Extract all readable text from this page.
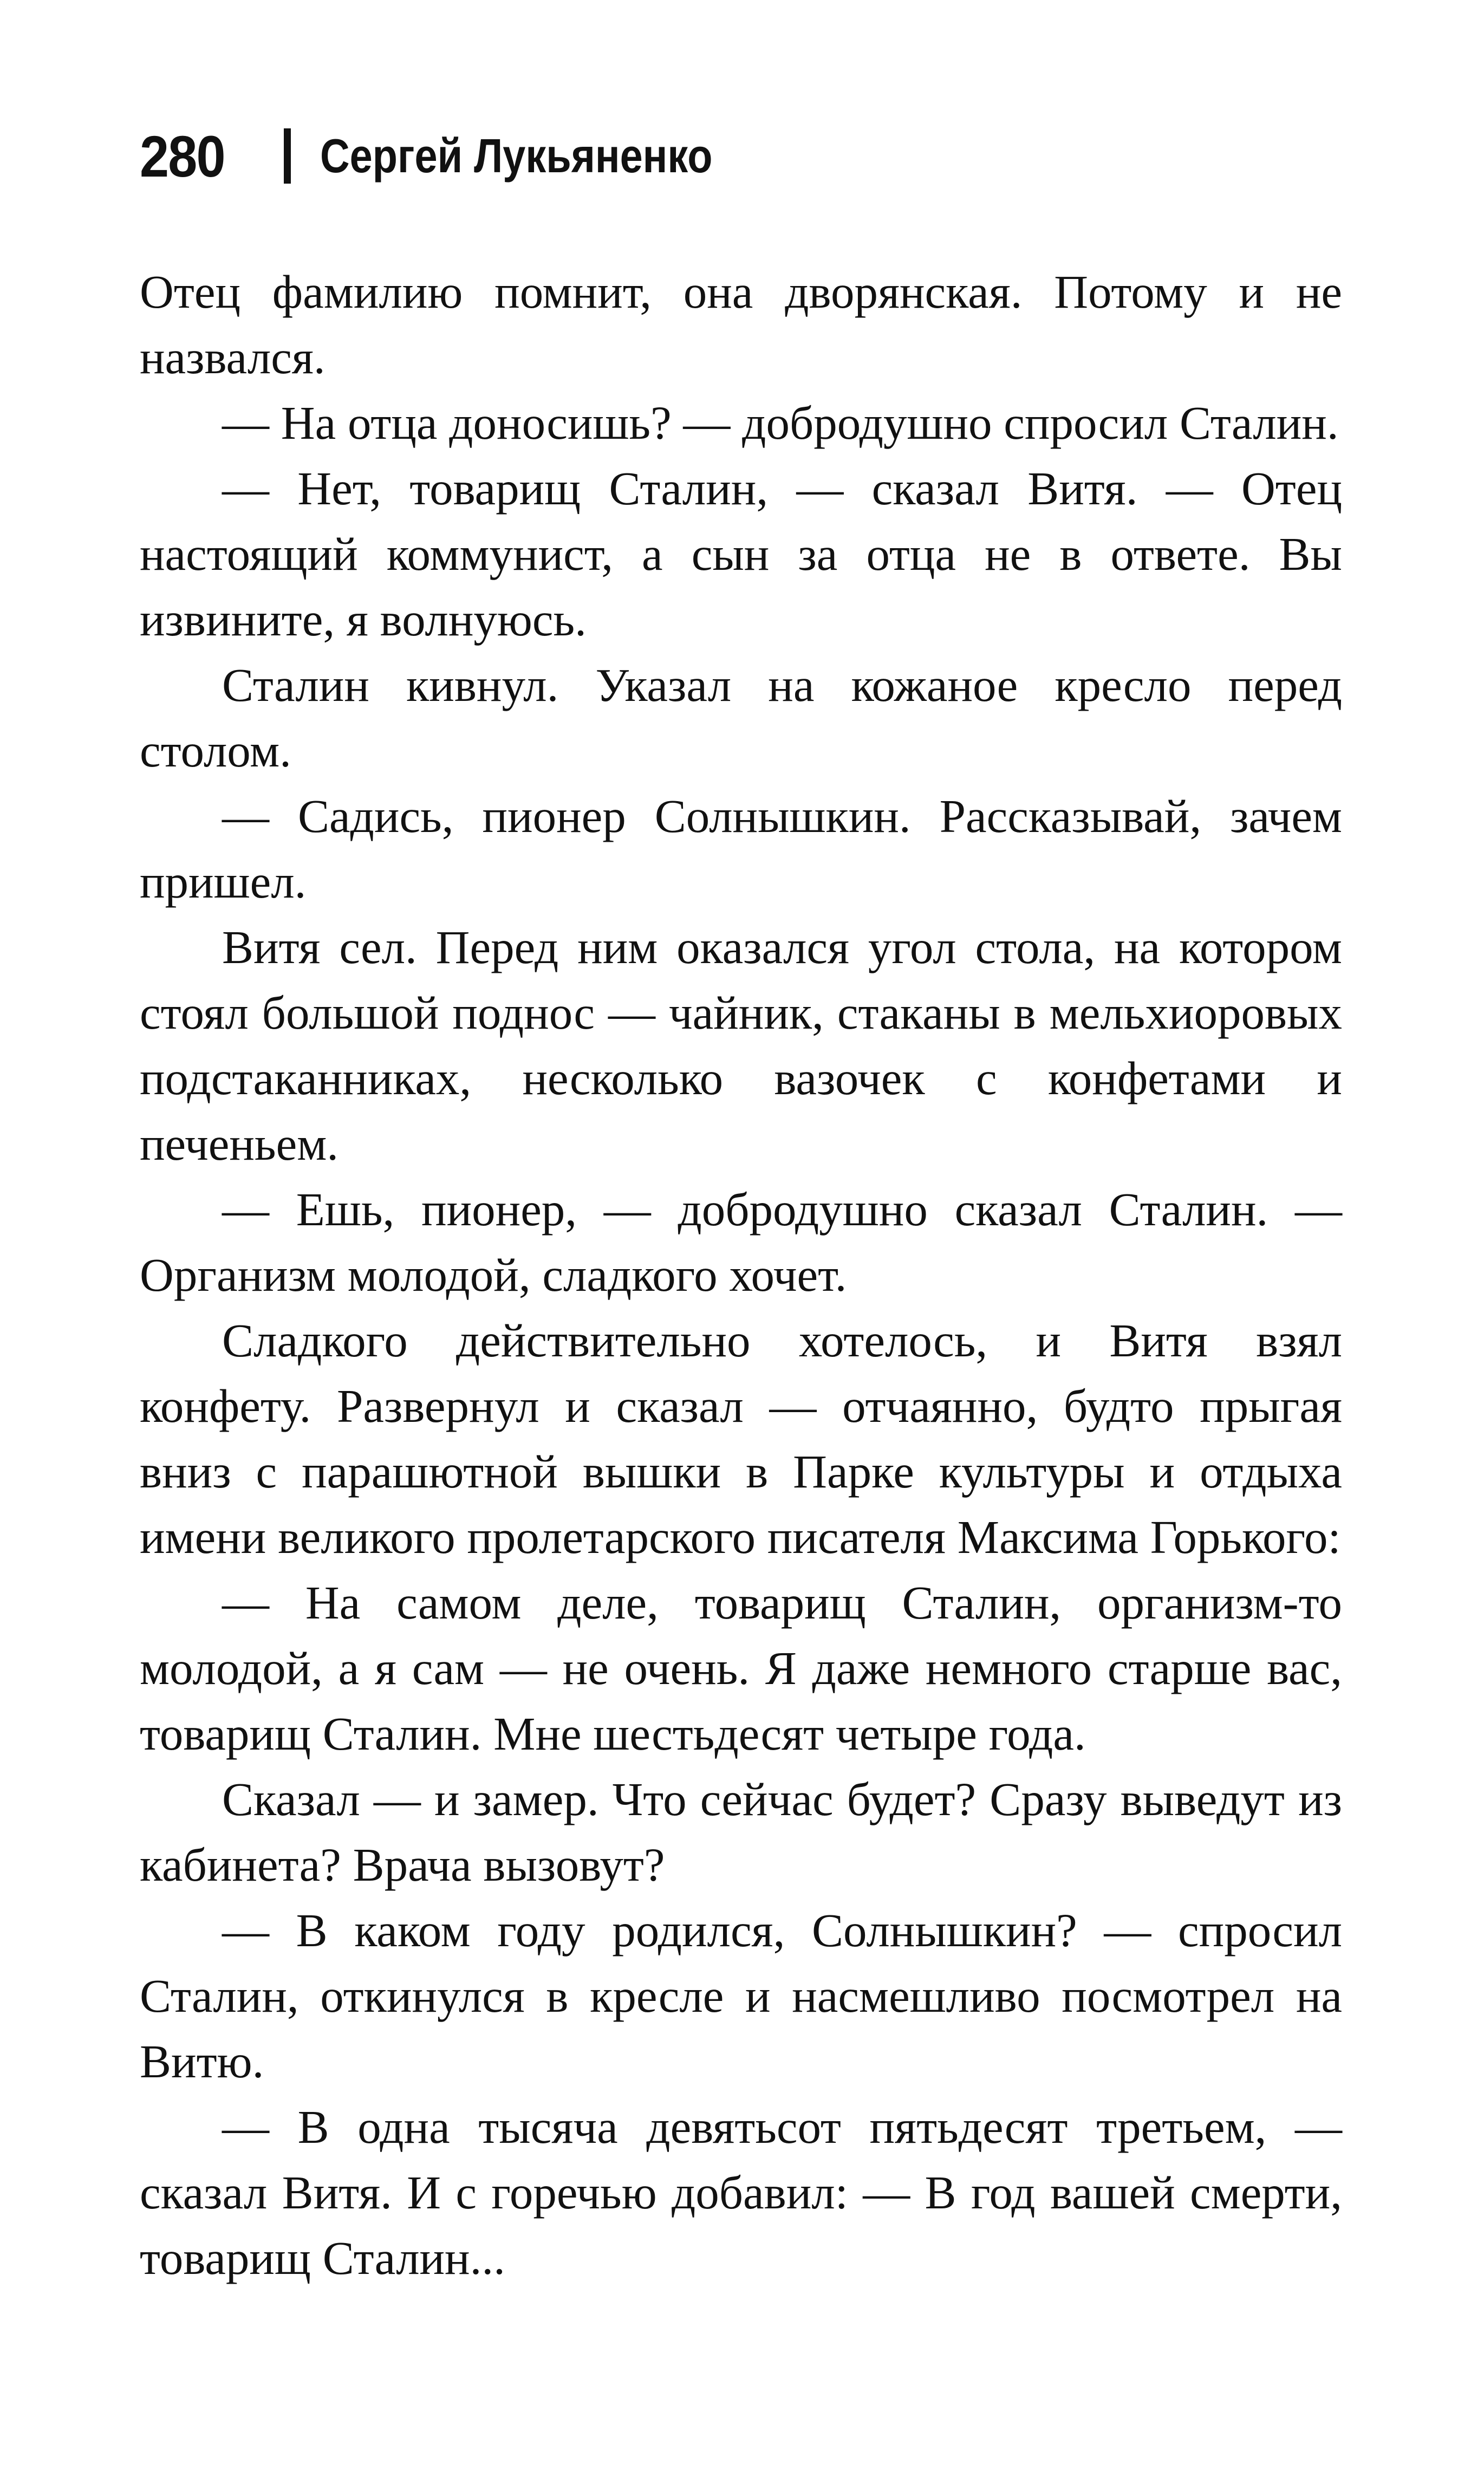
280 Сергей Лукьяненко

Отец фамилию помнит, она дворянская. Потому и не назвался.

— На отца доносишь? — добродушно спросил Сталин.

— Нет, товарищ Сталин, — сказал Витя. — Отец настоящий коммунист, а сын за отца не в ответе. Вы извините, я волнуюсь.

Сталин кивнул. Указал на кожаное кресло перед столом.

— Садись, пионер Солнышкин. Рассказывай, зачем пришел.

Витя сел. Перед ним оказался угол стола, на котором стоял большой поднос — чайник, стаканы в мельхиоровых подстаканниках, несколько вазочек с конфетами и печеньем.

— Ешь, пионер, — добродушно сказал Сталин. — Организм молодой, сладкого хочет.

Сладкого действительно хотелось, и Витя взял конфету. Развернул и сказал — отчаянно, будто прыгая вниз с парашютной вышки в Парке культуры и отдыха имени великого пролетарского писателя Максима Горького:

— На самом деле, товарищ Сталин, организм-то молодой, а я сам — не очень. Я даже немного старше вас, товарищ Сталин. Мне шестьдесят четыре года.

Сказал — и замер. Что сейчас будет? Сразу выведут из кабинета? Врача вызовут?

— В каком году родился, Солнышкин? — спросил Сталин, откинулся в кресле и насмешливо посмотрел на Витю.

— В одна тысяча девятьсот пятьдесят третьем, — сказал Витя. И с горечью добавил: — В год вашей смерти, товарищ Сталин...
